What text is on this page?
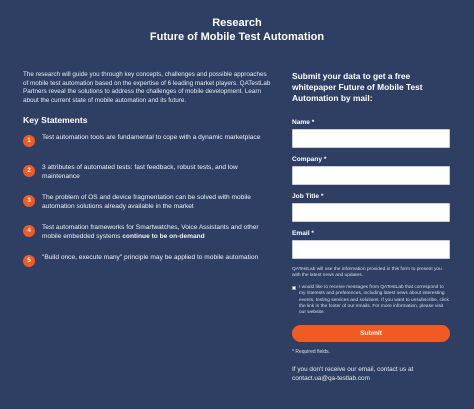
Research
Future of Mobile Test Automation

The research will guide you through key concepts, challenges and possible approaches of mobile test automation based on the expertise of 6 leading market players. QATestLab Partners reveal the solutions to address the challenges of mobile development. Learn about the current state of mobile automation and its future.

Key Statements
1	Test automation tools are fundamental to cope with a dynamic marketplace
2	3 attributes of automated tests: fast feedback, robust tests, and low maintenance
3	The problem of OS and device fragmentation can be solved with mobile automation solutions already available in the market
4	Test automation frameworks for Smartwatches, Voice Assistants and other mobile embedded systems continue to be on-demand
5	"Build once, execute many" principle may be applied to mobile automation
Submit your data to get a free whitepaper Future of Mobile Test Automation by mail:
Name *
Company *
Job Title *
Email *

QATestLab will use the information provided in this form to present you with the latest news and updates.

I would like to receive messages from QATestLab that correspond to my interests and preferences, including latest news about interesting events, testing services and solutions. If you want to unsubscribe, click the link in the footer of our emails. For more information, please visit our website.
Submit
* Required fields.
If you don't receive our email, contact us at contact.ua@qa-testlab.com
